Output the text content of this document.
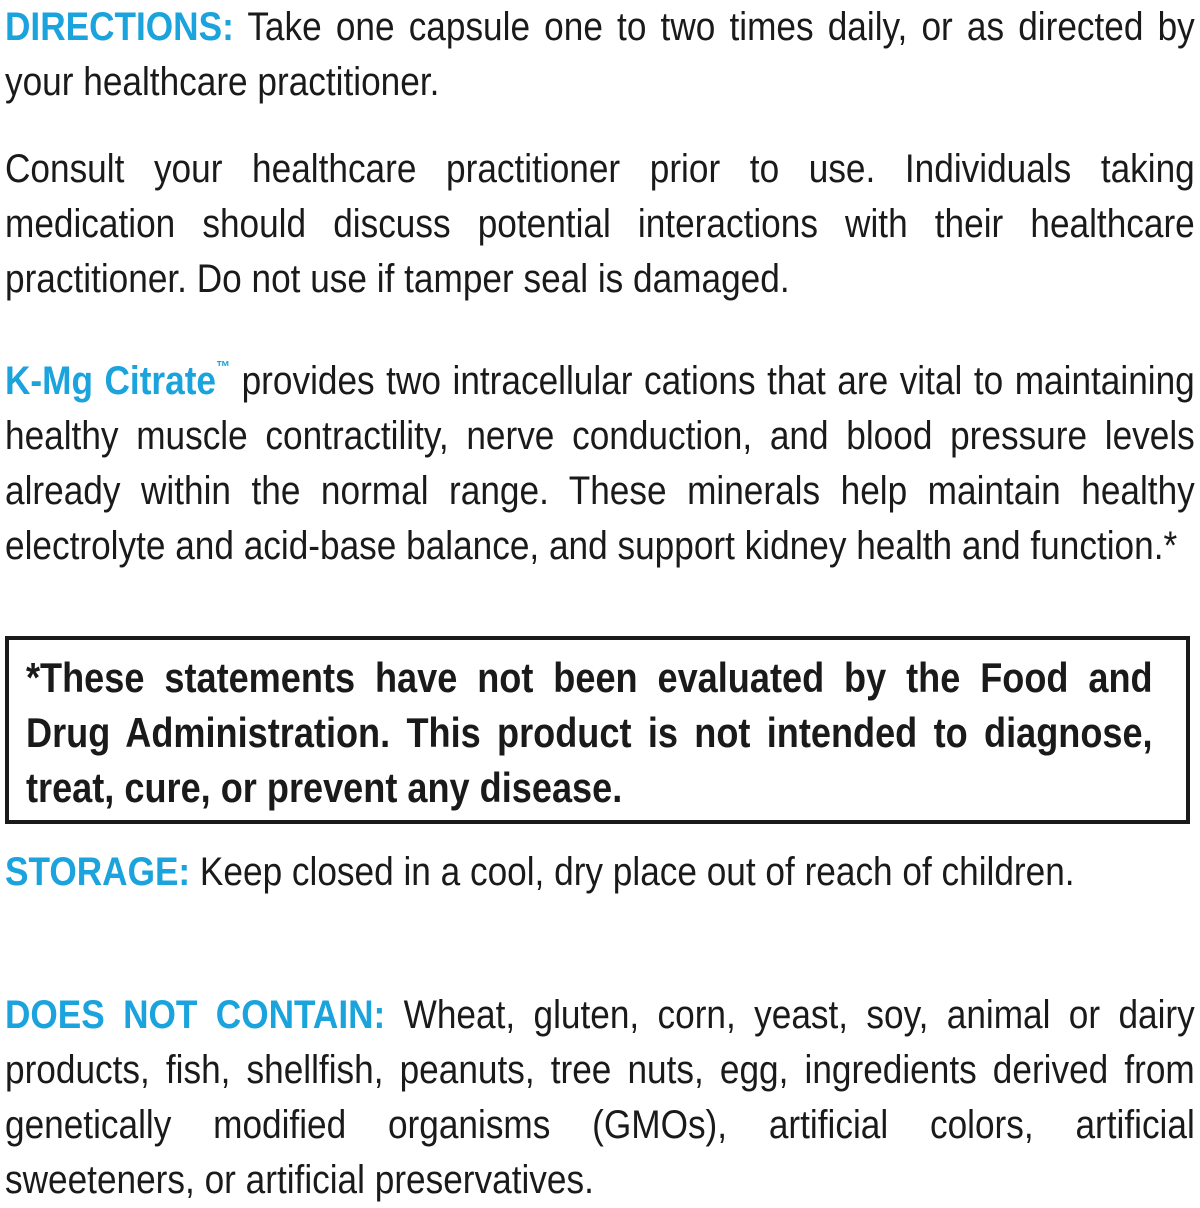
DIRECTIONS: Take one capsule one to two times daily, or as directed by your healthcare practitioner.

Consult your healthcare practitioner prior to use. Individuals taking medication should discuss potential interactions with their healthcare practitioner. Do not use if tamper seal is damaged.

K-Mg Citrate™ provides two intracellular cations that are vital to maintaining healthy muscle contractility, nerve conduction, and blood pressure levels already within the normal range. These minerals help maintain healthy electrolyte and acid-base balance, and support kidney health and function.*

STORAGE: Keep closed in a cool, dry place out of reach of children.

DOES NOT CONTAIN: Wheat, gluten, corn, yeast, soy, animal or dairy products, fish, shellfish, peanuts, tree nuts, egg, ingredients derived from genetically modified organisms (GMOs), artificial colors, artificial sweeteners, or artificial preservatives.

*These statements have not been evaluated by the Food and Drug Administration. This product is not intended to diagnose, treat, cure, or prevent any disease.
